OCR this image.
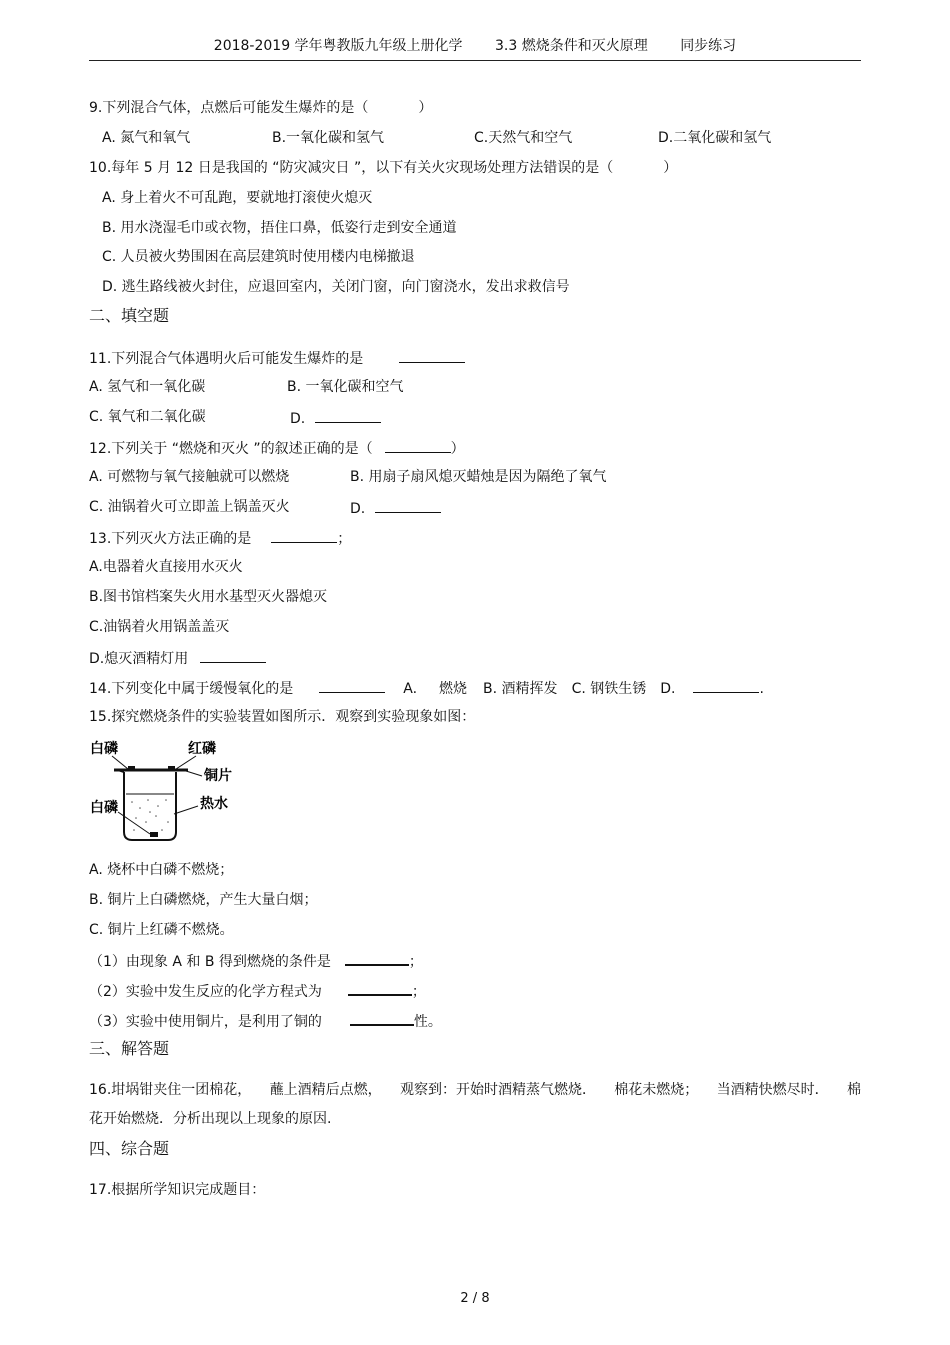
2018-2019 学年粤教版九年级上册化学 3.3 燃烧条件和灭火原理 同步练习
9.下列混合气体，点燃后可能发生爆炸的是（	）
A. 氮气和氧气	B.一氧化碳和氢气	C.天然气和空气	D.二氧化碳和氢气
10.每年 5 月 12 日是我国的 “防灾减灾日 ”，以下有关火灾现场处理方法错误的是（	）
A. 身上着火不可乱跑，要就地打滚使火熄灭
B. 用水浇湿毛巾或衣物，捂住口鼻，低姿行走到安全通道
C. 人员被火势围困在高层建筑时使用楼内电梯撤退
D. 逃生路线被火封住，应退回室内，关闭门窗，向门窗浇水，发出求救信号
二、填空题
11.下列混合气体遇明火后可能发生爆炸的是
A. 氢气和一氧化碳	B. 一氧化碳和空气
C. 氧气和二氧化碳	D.
12.下列关于 “燃烧和灭火 ”的叙述正确的是（	）
A. 可燃物与氧气接触就可以燃烧	B. 用扇子扇风熄灭蜡烛是因为隔绝了氧气
C. 油锅着火可立即盖上锅盖灭火	D.
13.下列灭火方法正确的是	；
A.电器着火直接用水灭火
B.图书馆档案失火用水基型灭火器熄灭
C.油锅着火用锅盖盖灭
D.熄灭酒精灯用
14.下列变化中属于缓慢氧化的是	A. 燃烧 B. 酒精挥发 C. 钢铁生锈 D.	.
15.探究燃烧条件的实验装置如图所示．观察到实验现象如图：
白磷	红磷
铜片
白磷	热水
A. 烧杯中白磷不燃烧；
B. 铜片上白磷燃烧，产生大量白烟；
C. 铜片上红磷不燃烧。
（1）由现象 A 和 B 得到燃烧的条件是	；
（2）实验中发生反应的化学方程式为	；
（3）实验中使用铜片，是利用了铜的	性。
三、解答题
16.坩埚钳夹住一团棉花， 蘸上酒精后点燃， 观察到：开始时酒精蒸气燃烧． 棉花未燃烧； 当酒精快燃尽时． 棉
花开始燃烧．分析出现以上现象的原因.
四、综合题
17.根据所学知识完成题目：
2 / 8
